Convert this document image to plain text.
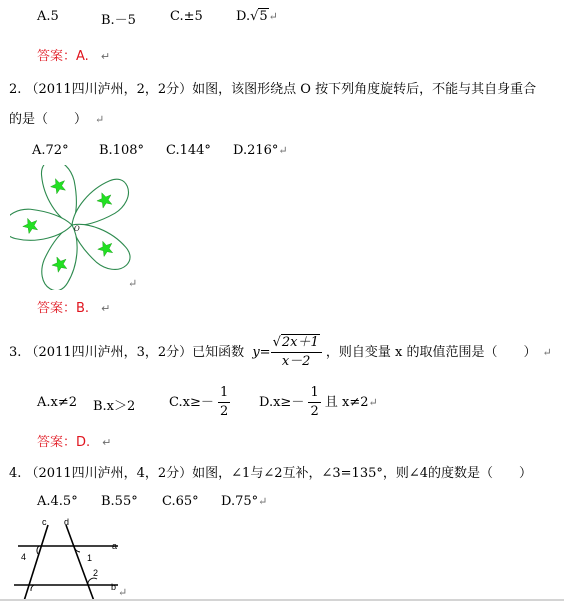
A.5	B.－5	C.±5	D.√5↵
答案：A. ↵
2. （2011四川泸州，2，2分）如图，该图形绕点 O 按下列角度旋转后，不能与其自身重合
的是（　　） ↵
A.72° B.108° C.144° D.216°↵
O
↵
答案：B. ↵
3. （2011四川泸州，3，2分）已知函数 $y= \frac{√2x+1}{x-2}$ ，则自变量 x 的取值范围是（　　） ↵
A.x≠2 B.x＞2	$C.x\ge- \frac{1}{2} D.x\ge- \frac{1}{2}$ 且 x≠2↵
答案：D. ↵
4. （2011四川泸州，4，2分）如图，∠1与∠2互补，∠3=135°，则∠4的度数是（　　）
A.4.5° B.55° C.65° D.75°↵
c d
a
b
1
2
4
↵
